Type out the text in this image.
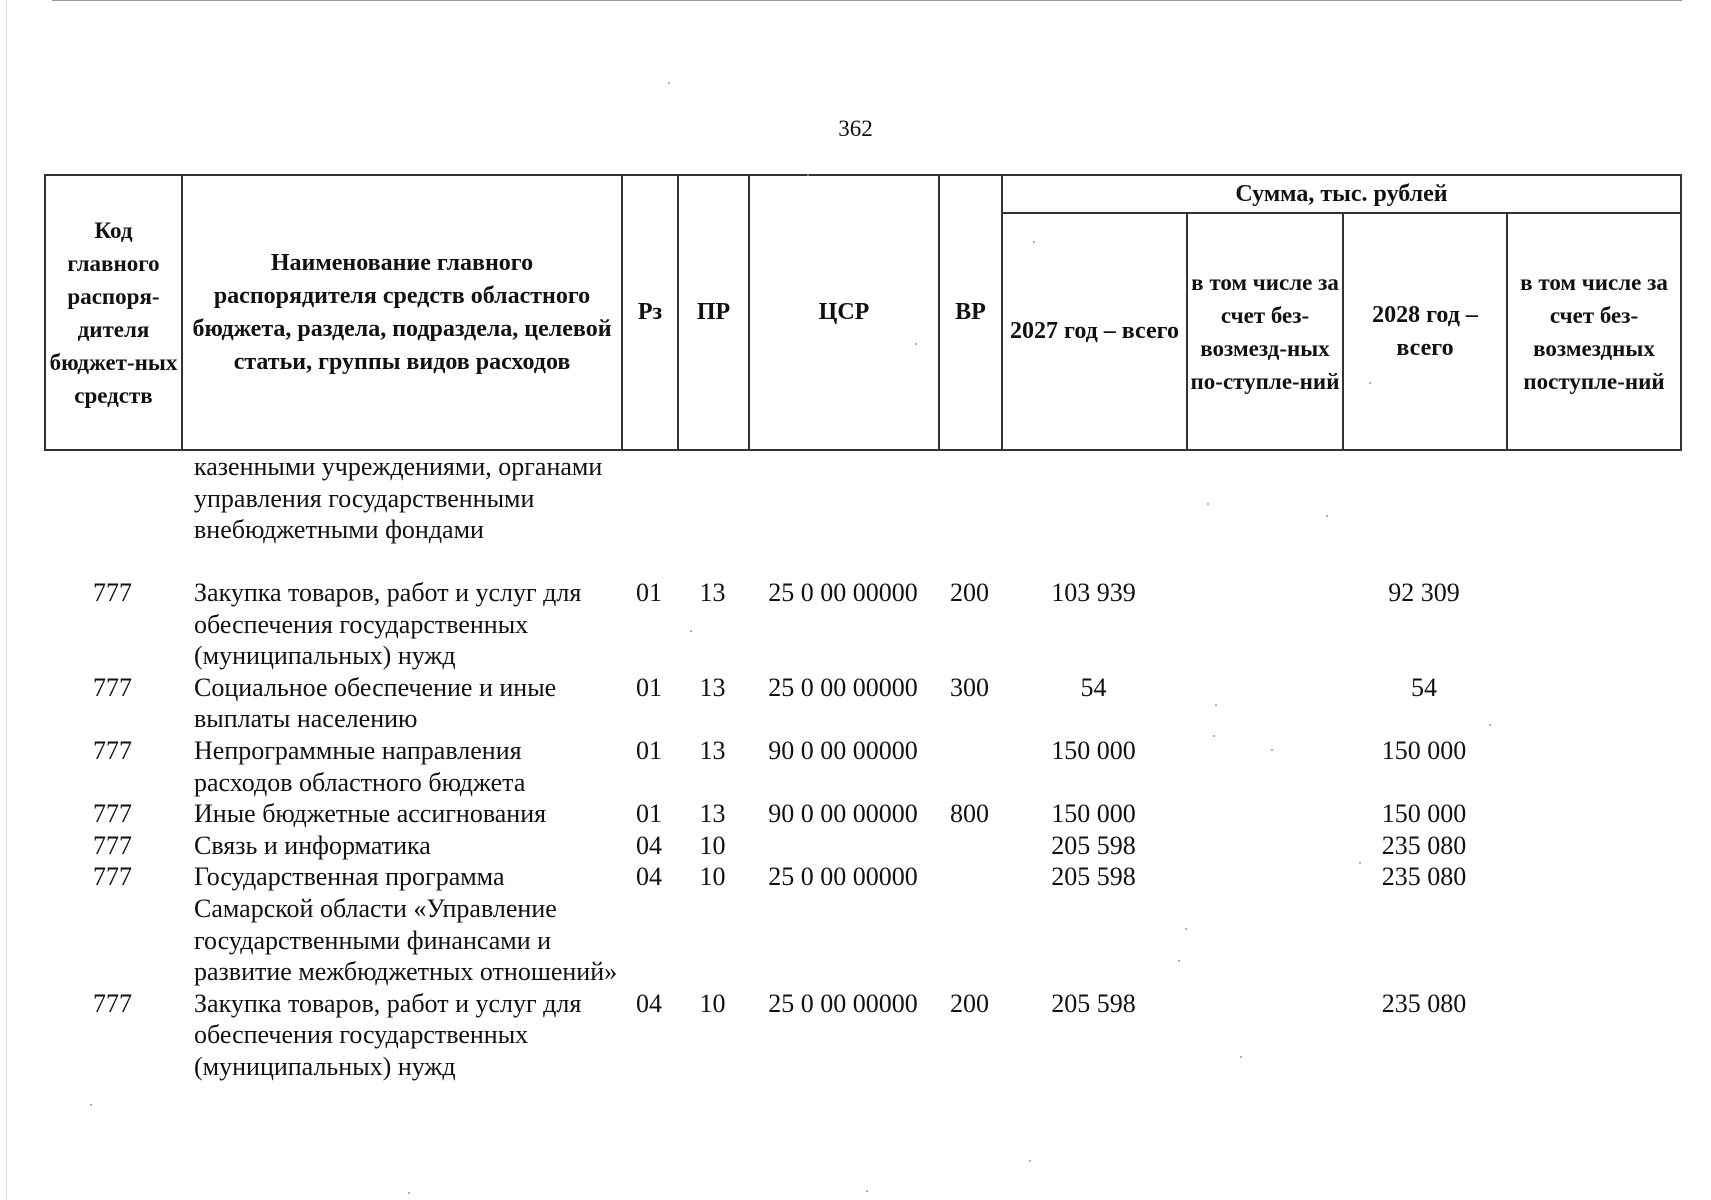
362
Код главного распоря-дителя бюджет-ных средств	Наименование главного распорядителя средств областного бюджета, раздела, подраздела, целевой статьи, группы видов расходов	Рз	ПР	ЦСР	ВР	Сумма, тыс. рублей			
						2027 год – всего	в том числе за счет без-возмезд-ных по-ступле-ний	2028 год – всего	в том числе за счет без-возмездных поступле-ний
	казенными учреждениями, органами управления государственными внебюджетными фондами								
777	Закупка товаров, работ и услуг для обеспечения государственных (муниципальных) нужд	01	13	25 0 00 00000	200	103 939		92 309	
777	Социальное обеспечение и иные выплаты населению	01	13	25 0 00 00000	300	54		54	
777	Непрограммные направления расходов областного бюджета	01	13	90 0 00 00000		150 000		150 000	
777	Иные бюджетные ассигнования	01	13	90 0 00 00000	800	150 000		150 000	
777	Связь и информатика	04	10			205 598		235 080	
777	Государственная программа Самарской области «Управление государственными финансами и развитие межбюджетных отношений»	04	10	25 0 00 00000		205 598		235 080	
777	Закупка товаров, работ и услуг для обеспечения государственных (муниципальных) нужд	04	10	25 0 00 00000	200	205 598		235 080	
